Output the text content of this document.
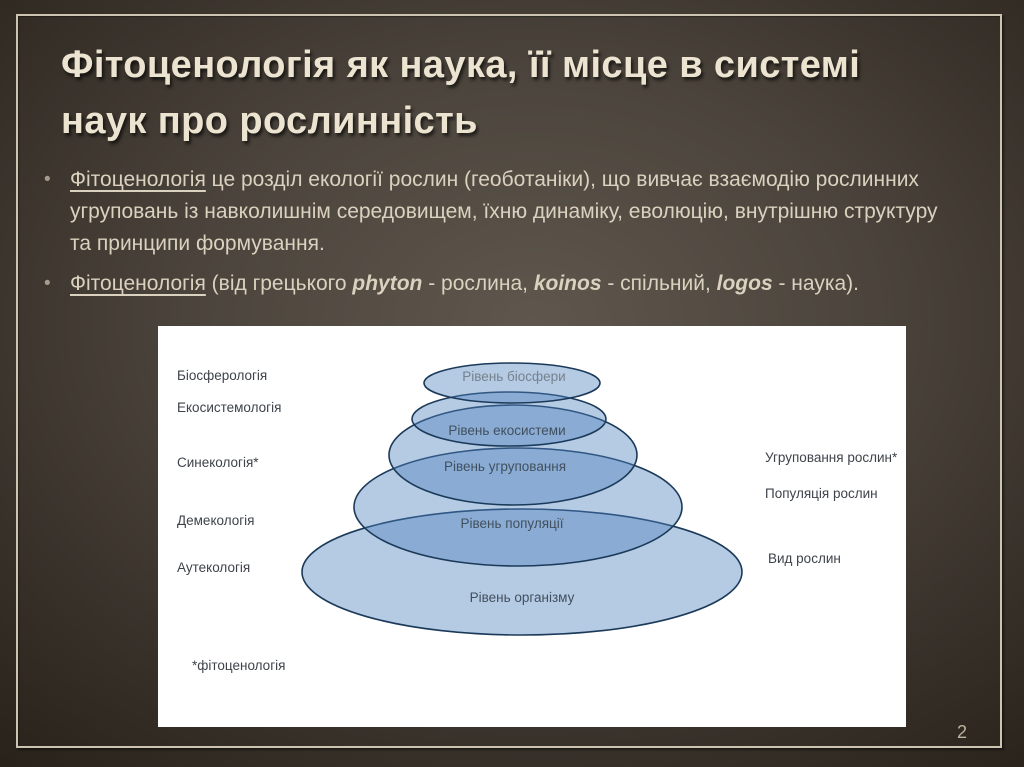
Фітоценологія як наука, її місце в системі
наук про рослинність
• Фітоценологія це розділ екології рослин (геоботаніки), що вивчає взаємодію рослинних угруповань із навколишнім середовищем, їхню динаміку, еволюцію, внутрішню структуру та принципи формування.

• Фітоценологія (від грецького phyton - рослина, koinos - спільний, logos - наука).

Рівень біосфери
Рівень екосистеми
Рівень угруповання
Рівень популяції
Рівень організму
Біосферологія
Екосистемологія
Синекологія*
Демекологія
Аутекологія
Угруповання рослин*
Популяція рослин
Вид рослин
*фітоценологія
2
